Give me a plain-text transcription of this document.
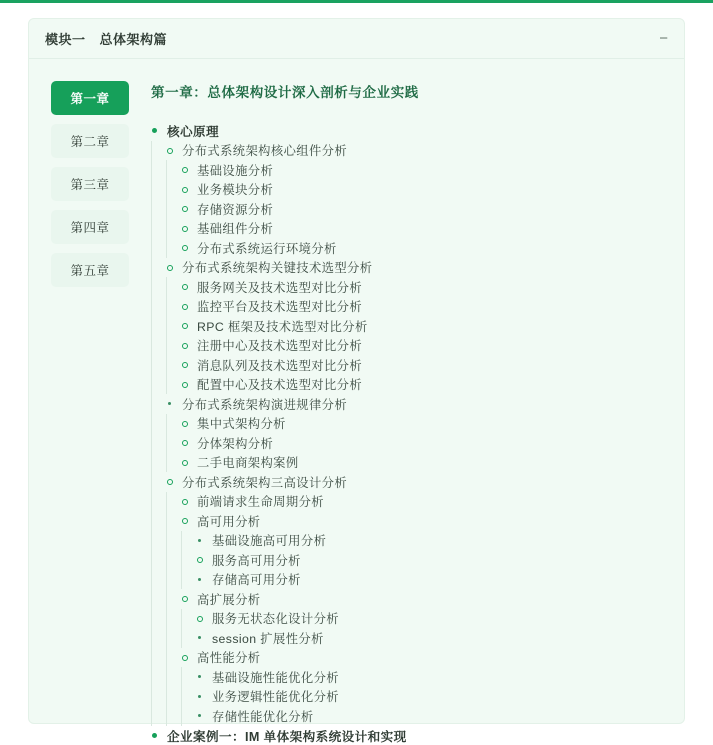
模块一 总体架构篇	−
第一章
第二章
第三章
第四章
第五章
第一章：总体架构设计深入剖析与企业实践
核心原理
分布式系统架构核心组件分析
基础设施分析
业务模块分析
存储资源分析
基础组件分析
分布式系统运行环境分析
分布式系统架构关键技术选型分析
服务网关及技术选型对比分析
监控平台及技术选型对比分析
RPC 框架及技术选型对比分析
注册中心及技术选型对比分析
消息队列及技术选型对比分析
配置中心及技术选型对比分析
分布式系统架构演进规律分析
集中式架构分析
分体架构分析
二手电商架构案例
分布式系统架构三高设计分析
前端请求生命周期分析
高可用分析
基础设施高可用分析
服务高可用分析
存储高可用分析
高扩展分析
服务无状态化设计分析
session 扩展性分析
高性能分析
基础设施性能优化分析
业务逻辑性能优化分析
存储性能优化分析
企业案例一：IM 单体架构系统设计和实现
